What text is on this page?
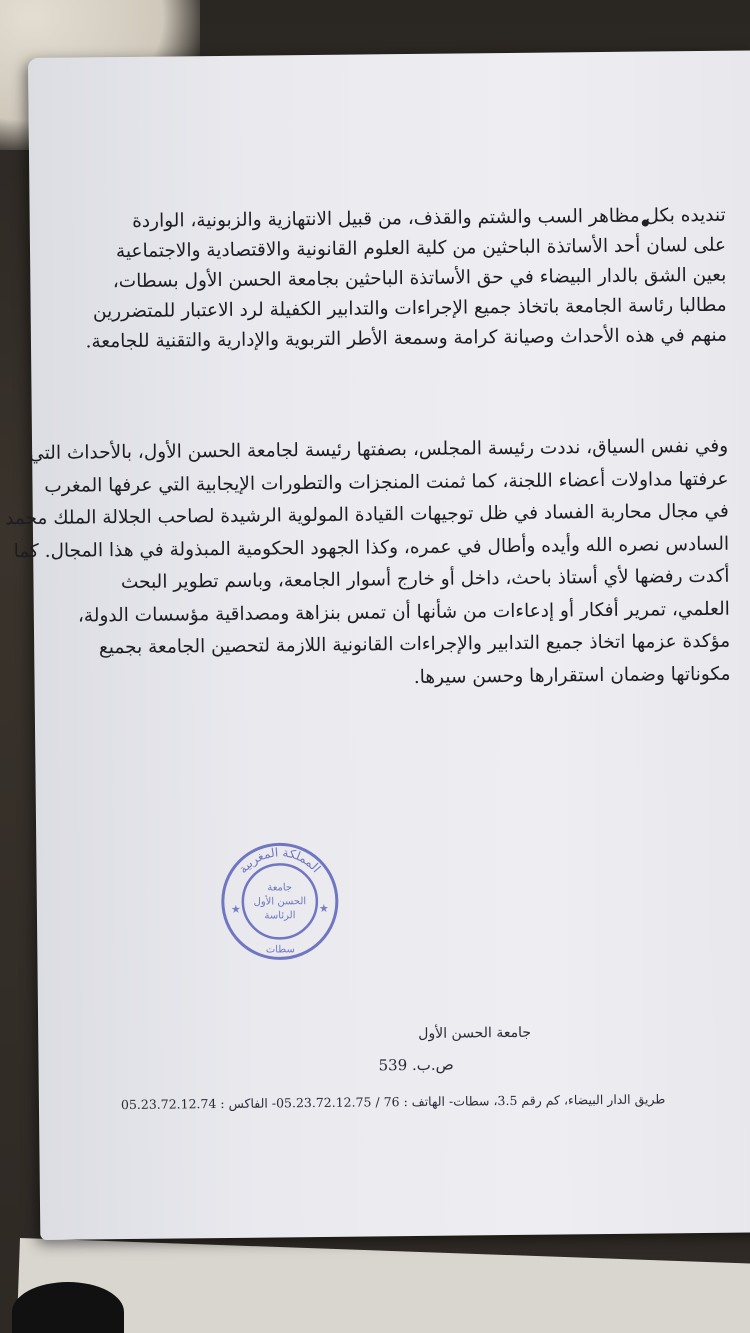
تنديده بكل مظاهر السب والشتم والقذف، من قبيل الانتهازية والزبونية، الواردة
على لسان أحد الأساتذة الباحثين من كلية العلوم القانونية والاقتصادية والاجتماعية
بعين الشق بالدار البيضاء في حق الأساتذة الباحثين بجامعة الحسن الأول بسطات،
مطالبا رئاسة الجامعة باتخاذ جميع الإجراءات والتدابير الكفيلة لرد الاعتبار للمتضررين
منهم في هذه الأحداث وصيانة كرامة وسمعة الأطر التربوية والإدارية والتقنية للجامعة.
وفي نفس السياق، نددت رئيسة المجلس، بصفتها رئيسة لجامعة الحسن الأول، بالأحداث التي
عرفتها مداولات أعضاء اللجنة، كما ثمنت المنجزات والتطورات الإيجابية التي عرفها المغرب
في مجال محاربة الفساد في ظل توجيهات القيادة المولوية الرشيدة لصاحب الجلالة الملك محمد
السادس نصره الله وأيده وأطال في عمره، وكذا الجهود الحكومية المبذولة في هذا المجال. كما
أكدت رفضها لأي أستاذ باحث، داخل أو خارج أسوار الجامعة، وباسم تطوير البحث
العلمي، تمرير أفكار أو إدعاءات من شأنها أن تمس بنزاهة ومصداقية مؤسسات الدولة،
مؤكدة عزمها اتخاذ جميع التدابير والإجراءات القانونية اللازمة لتحصين الجامعة بجميع
مكوناتها وضمان استقرارها وحسن سيرها.
المملكة المغربية
جامعة
الحسن الأول
الرئاسة
سطات
★	★
جامعة الحسن الأول
ص.ب. 539
طريق الدار البيضاء، كم رقم 3.5، سطات- الهاتف : 76 / 05.23.72.12.75- الفاكس : 05.23.72.12.74
